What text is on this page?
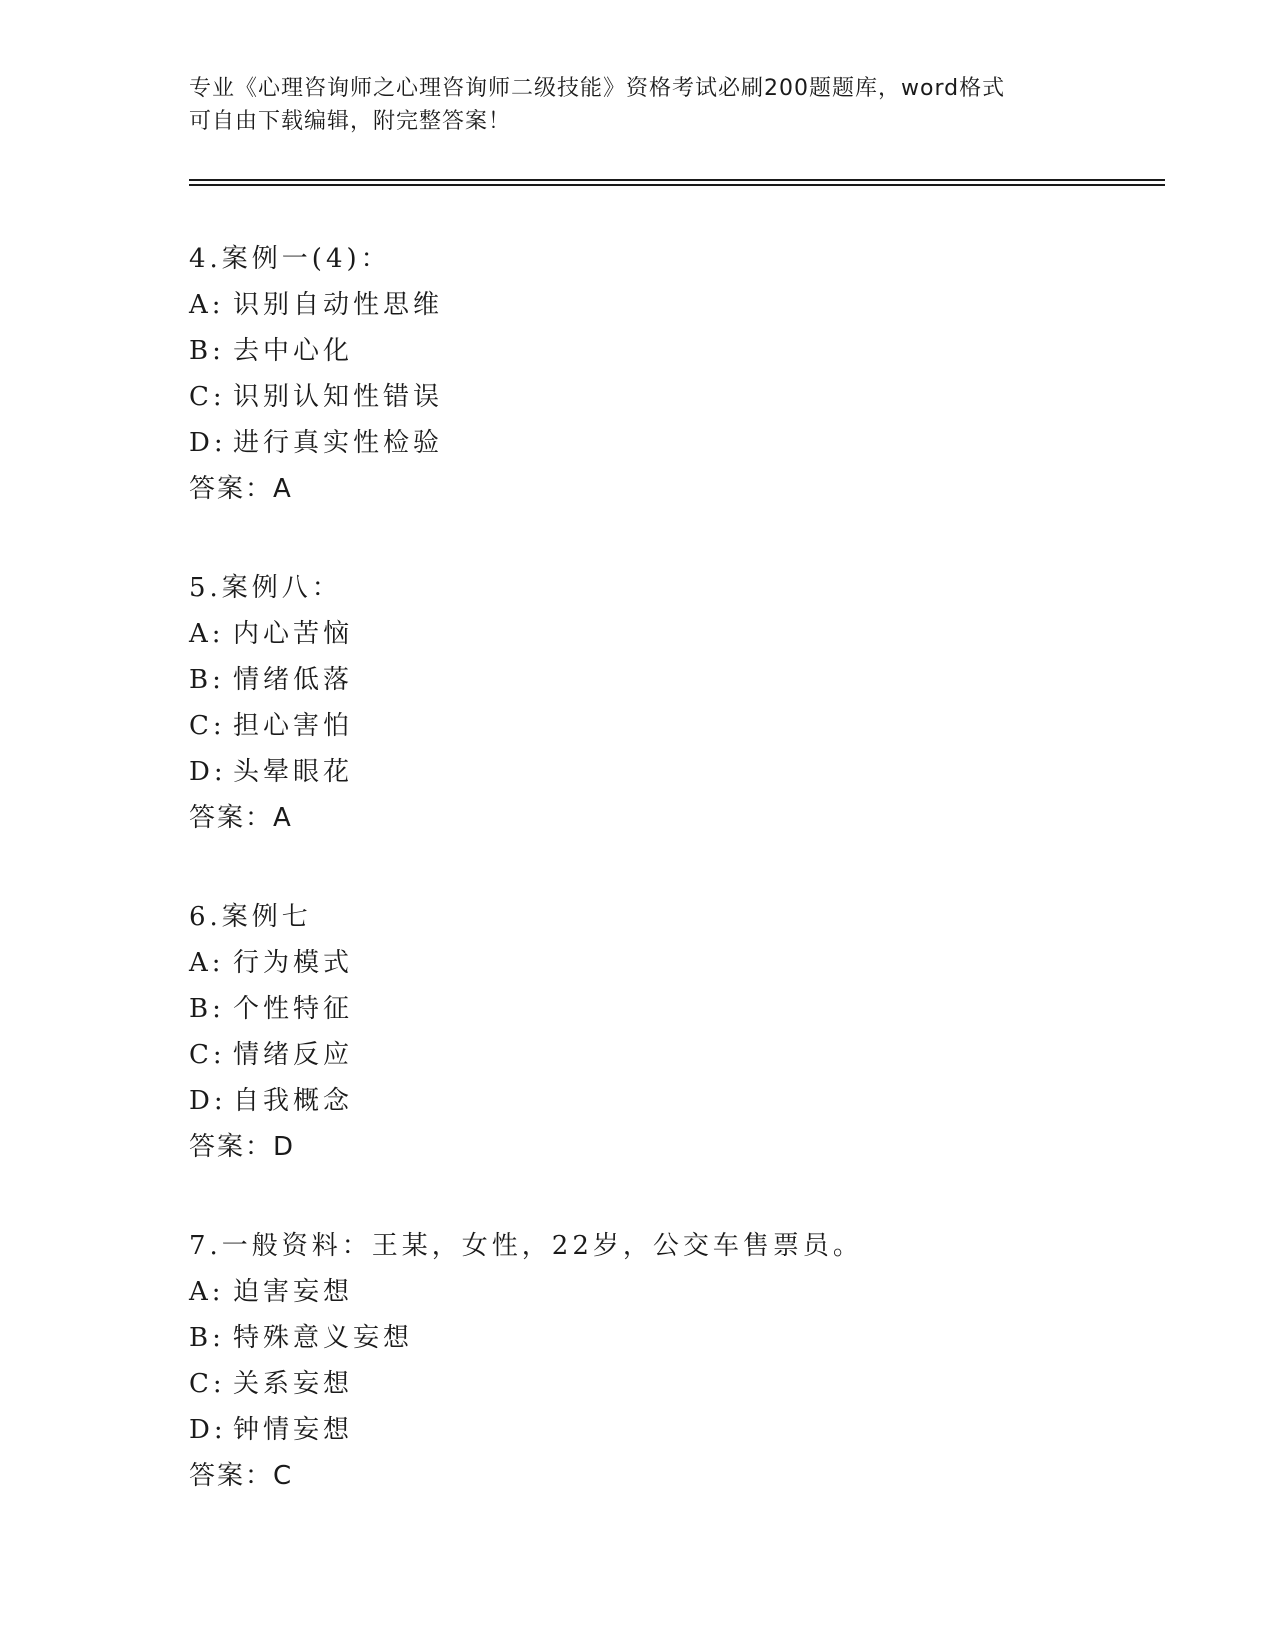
专业《心理咨询师之心理咨询师二级技能》资格考试必刷200题题库，word格式
可自由下载编辑，附完整答案！
4.案例一(4)：
A: 识别自动性思维
B: 去中心化
C: 识别认知性错误
D: 进行真实性检验
答案：A
5.案例八：
A: 内心苦恼
B: 情绪低落
C: 担心害怕
D: 头晕眼花
答案：A
6.案例七
A: 行为模式
B: 个性特征
C: 情绪反应
D: 自我概念
答案：D
7.一般资料：王某，女性，22岁，公交车售票员。
A: 迫害妄想
B: 特殊意义妄想
C: 关系妄想
D: 钟情妄想
答案：C
